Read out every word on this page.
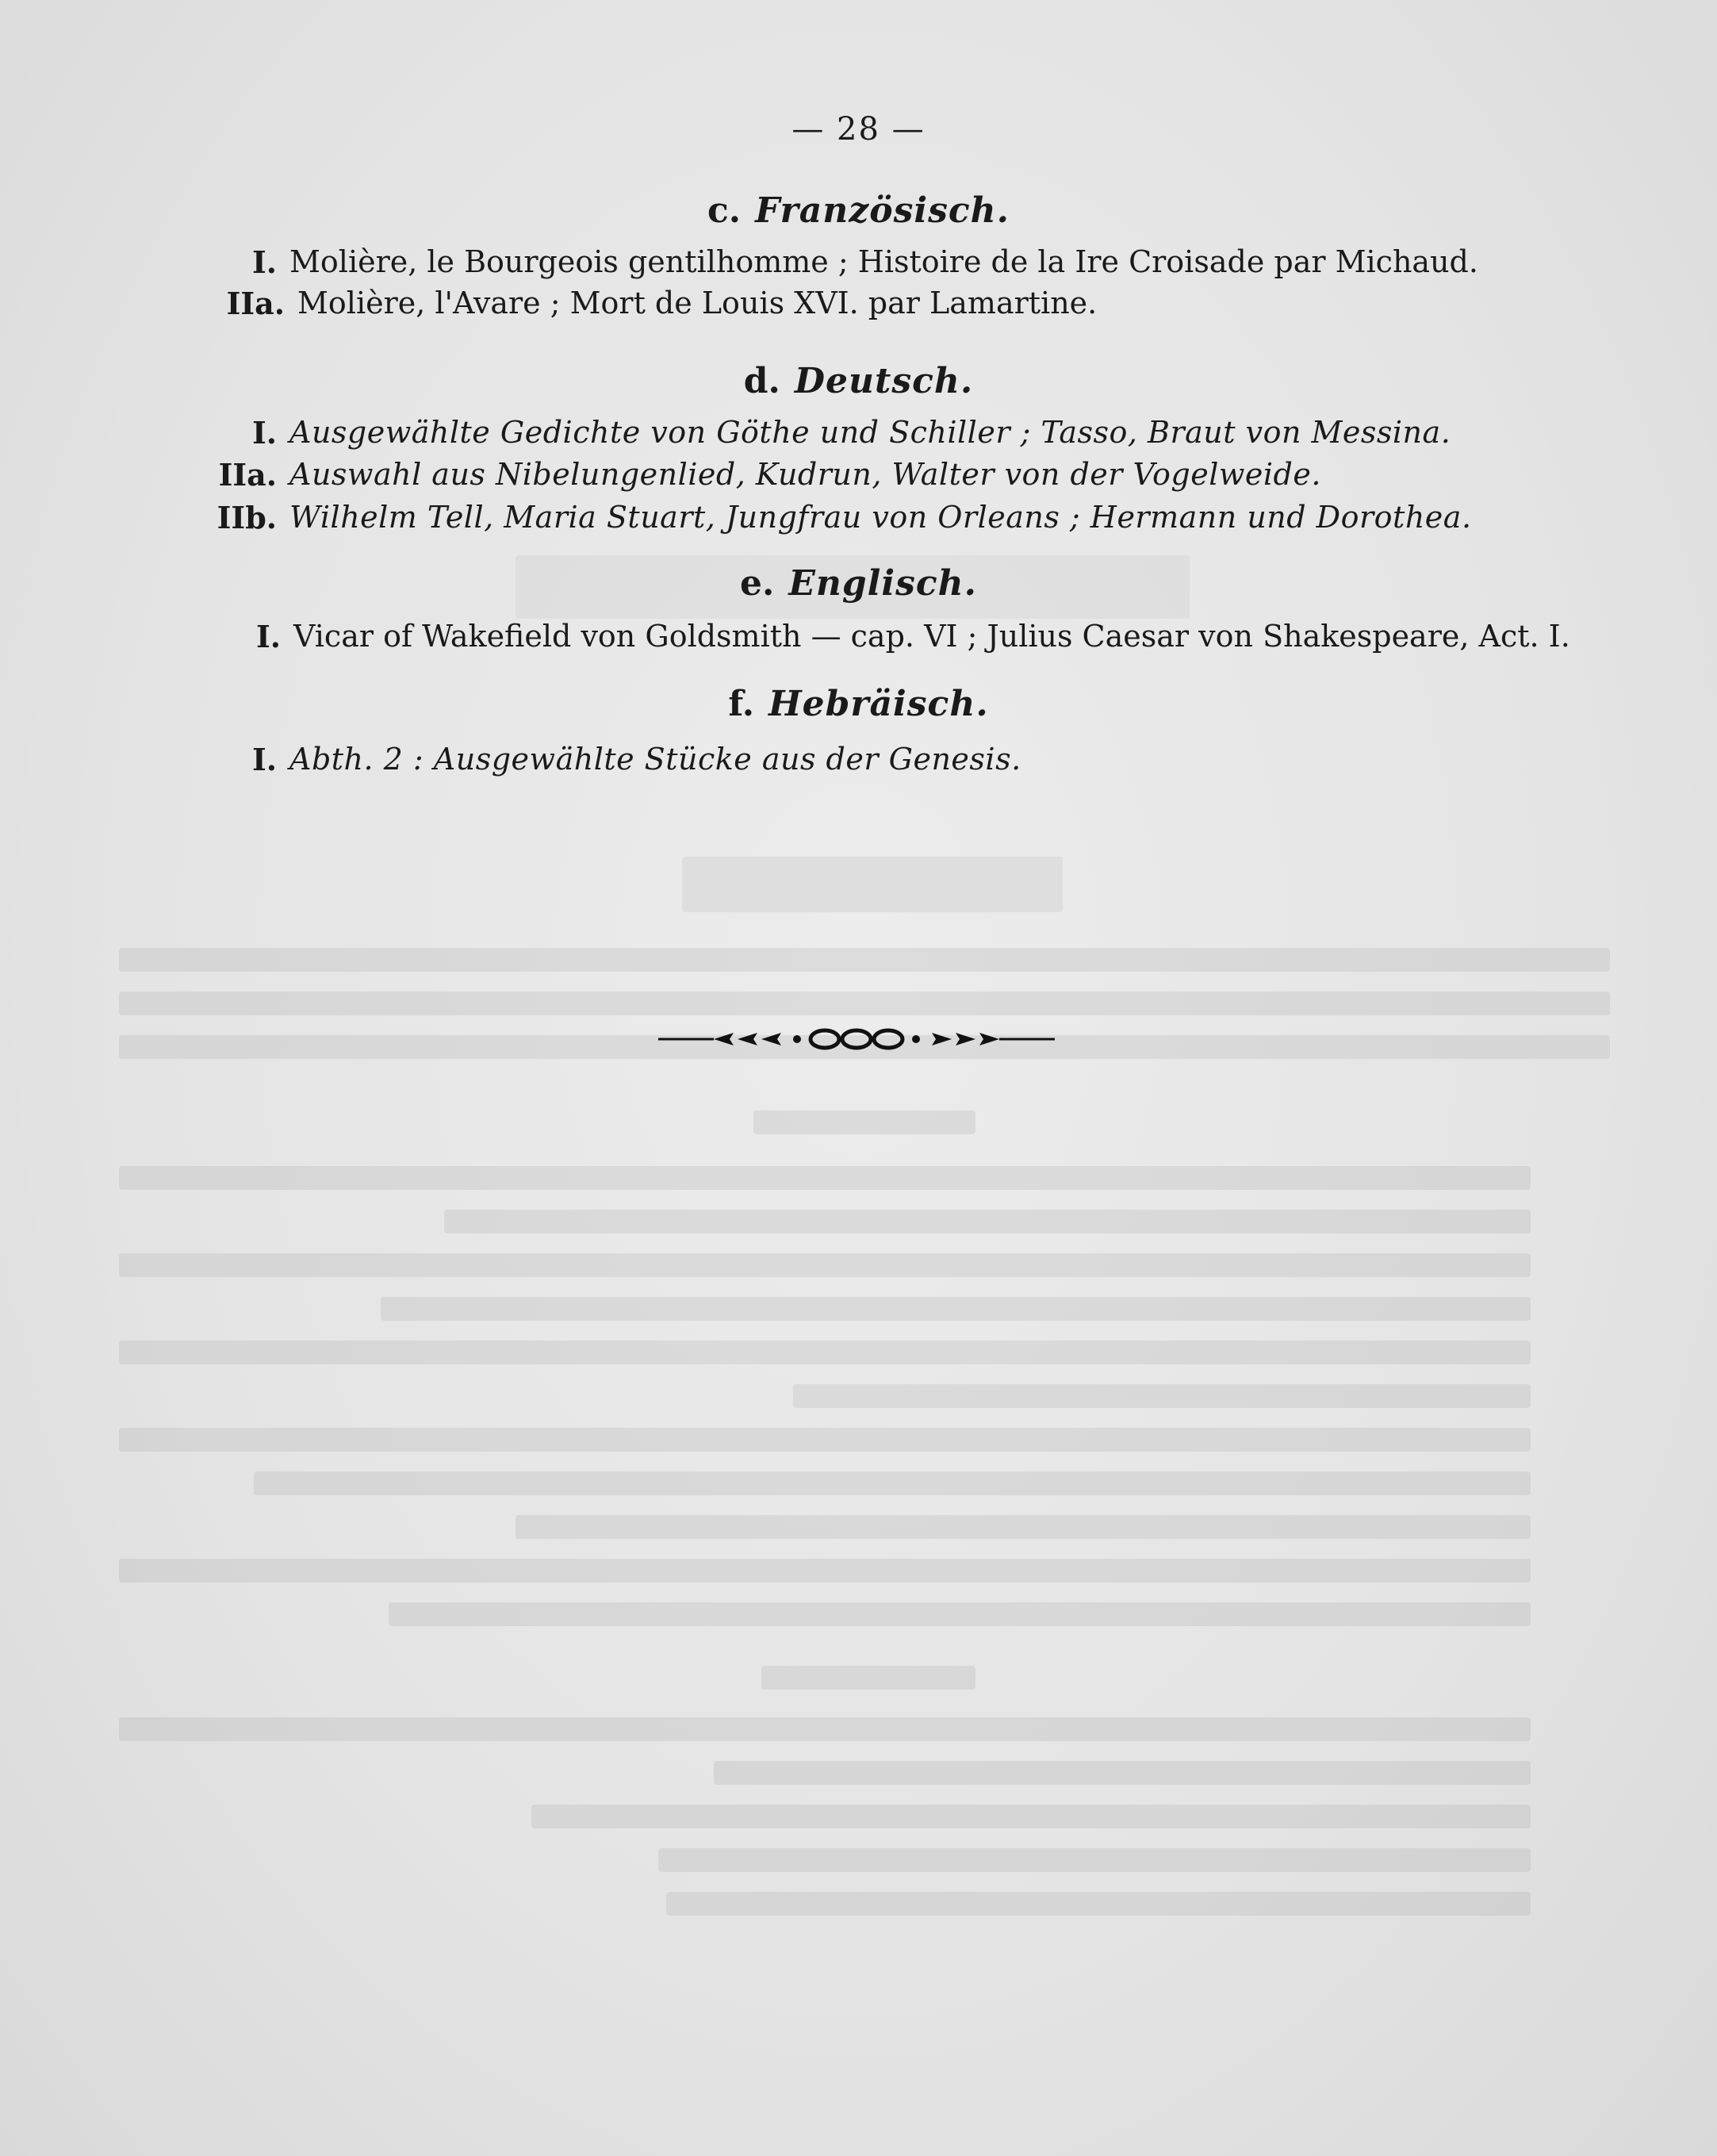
— 28 —
c. Französisch.
I. Molière, le Bourgeois gentilhomme ; Histoire de la Ire Croisade par Michaud.
IIa. Molière, l'Avare ; Mort de Louis XVI. par Lamartine.
d. Deutsch.
I. Ausgewählte Gedichte von Göthe und Schiller ; Tasso, Braut von Messina.
IIa. Auswahl aus Nibelungenlied, Kudrun, Walter von der Vogelweide.
IIb. Wilhelm Tell, Maria Stuart, Jungfrau von Orleans ; Hermann und Dorothea.
e. Englisch.
I. Vicar of Wakefield von Goldsmith — cap. VI ; Julius Caesar von Shakespeare, Act. I.
f. Hebräisch.
I. Abth. 2 : Ausgewählte Stücke aus der Genesis.
